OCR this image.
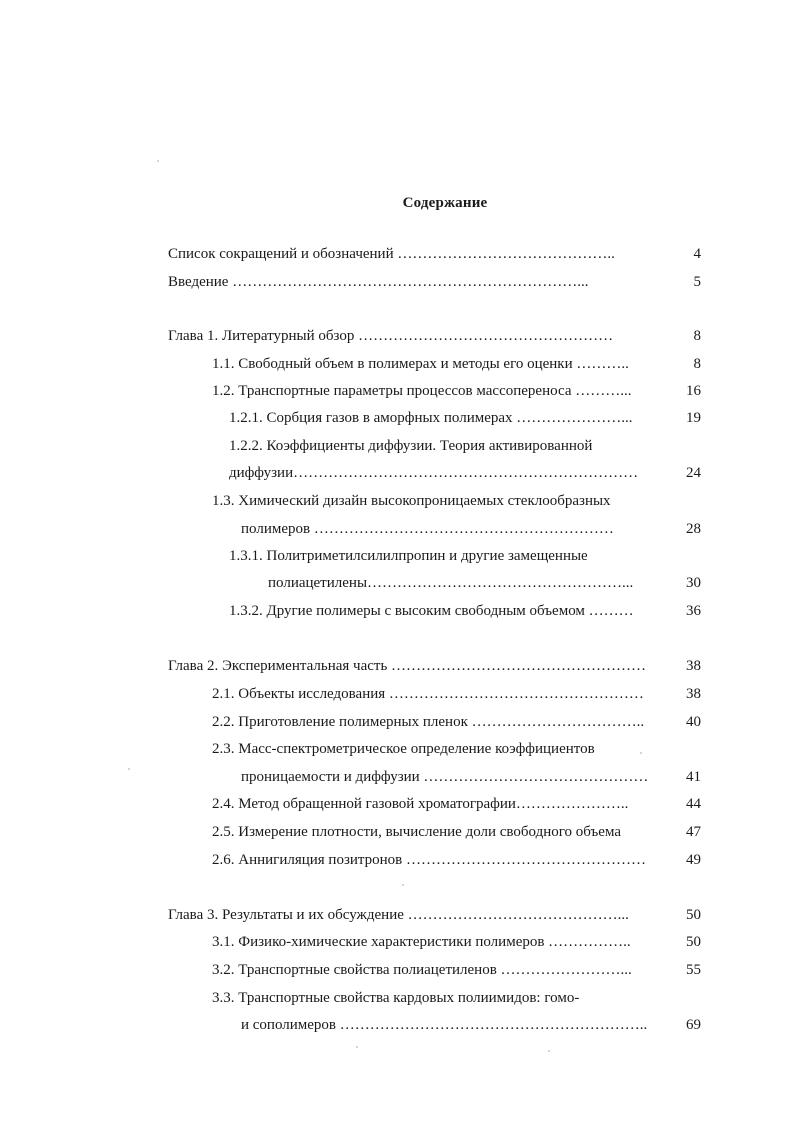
Содержание
Список сокращений и обозначений ……………………………………..	4
Введение ……………………………………………………………...	5
Глава 1. Литературный обзор ……………………………………………	8
1.1. Свободный объем в полимерах и методы его оценки ………..	8
1.2. Транспортные параметры процессов массопереноса ………...	16
1.2.1. Сорбция газов в аморфных полимерах …………………...	19
1.2.2. Коэффициенты диффузии. Теория активированной
диффузии……………………………………………………………	24
1.3. Химический дизайн высокопроницаемых стеклообразных
полимеров ……………………………………………………	28
1.3.1. Политриметилсилилпропин и другие замещенные
полиацетилены……………………………………………...	30
1.3.2. Другие полимеры с высоким свободным объемом ………	36
Глава 2. Экспериментальная часть ……………………………………………	38
2.1. Объекты исследования ……………………………………………	38
2.2. Приготовление полимерных пленок ……………………………..	40
2.3. Масс-спектрометрическое определение коэффициентов
проницаемости и диффузии ………………………………………	41
2.4. Метод обращенной газовой хроматографии…………………..	44
2.5. Измерение плотности, вычисление доли свободного объема	47
2.6. Аннигиляция позитронов …………………………………………	49
Глава 3. Результаты и их обсуждение ……………………………………...	50
3.1. Физико-химические характеристики полимеров ……………..	50
3.2. Транспортные свойства полиацетиленов ……………………...	55
3.3. Транспортные свойства кардовых полиимидов: гомо-
и сополимеров ……………………………………………………..	69
